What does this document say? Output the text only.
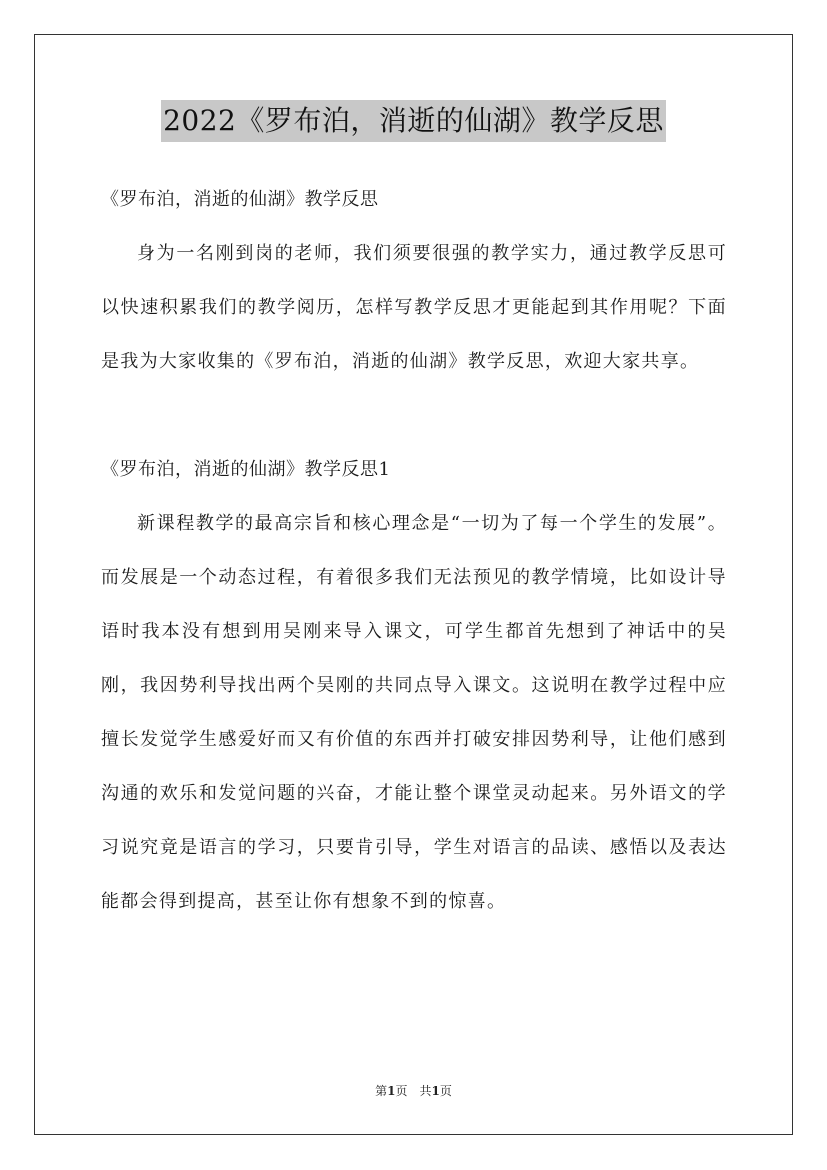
2022《罗布泊，消逝的仙湖》教学反思

《罗布泊，消逝的仙湖》教学反思

身为一名刚到岗的老师，我们须要很强的教学实力，通过教学反思可以快速积累我们的教学阅历，怎样写教学反思才更能起到其作用呢？下面是我为大家收集的《罗布泊，消逝的仙湖》教学反思，欢迎大家共享。

《罗布泊，消逝的仙湖》教学反思1

新课程教学的最高宗旨和核心理念是“一切为了每一个学生的发展”。而发展是一个动态过程，有着很多我们无法预见的教学情境，比如设计导语时我本没有想到用吴刚来导入课文，可学生都首先想到了神话中的吴刚，我因势利导找出两个吴刚的共同点导入课文。这说明在教学过程中应擅长发觉学生感爱好而又有价值的东西并打破安排因势利导，让他们感到沟通的欢乐和发觉问题的兴奋，才能让整个课堂灵动起来。另外语文的学习说究竟是语言的学习，只要肯引导，学生对语言的品读、感悟以及表达能都会得到提高，甚至让你有想象不到的惊喜。

第1页　共1页
